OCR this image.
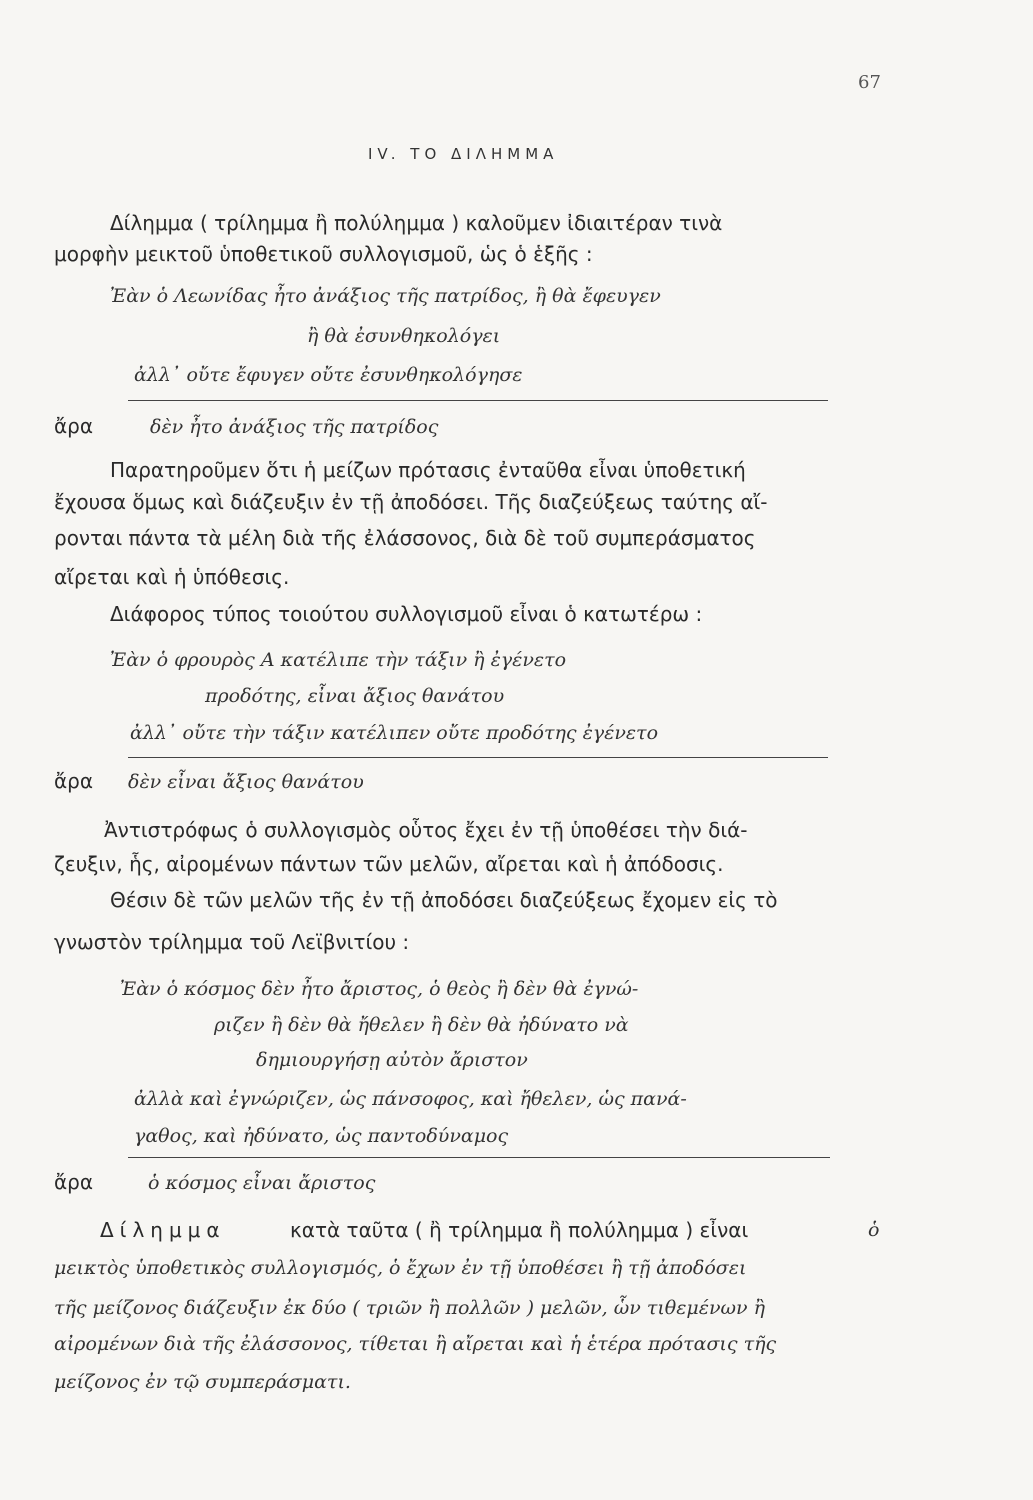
67
IV. ΤΟ ΔΙΛΗΜΜΑ
Δίλημμα ( τρίλημμα ἢ πολύλημμα ) καλοῦμεν ἰδιαιτέραν τινὰ
μορφὴν μεικτοῦ ὑποθετικοῦ συλλογισμοῦ, ὡς ὁ ἑξῆς :
Ἐὰν ὁ Λεωνίδας ἦτο ἀνάξιος τῆς πατρίδος, ἢ θὰ ἔφευγεν
ἢ θὰ ἐσυνθηκολόγει
ἀλλ᾽ οὔτε ἔφυγεν οὔτε ἐσυνθηκολόγησε
ἄρα	δὲν ἦτο ἀνάξιος τῆς πατρίδος
Παρατηροῦμεν ὅτι ἡ μείζων πρότασις ἐνταῦθα εἶναι ὑποθετική
ἔχουσα ὅμως καὶ διάζευξιν ἐν τῇ ἀποδόσει. Τῆς διαζεύξεως ταύτης αἴ-
ρονται πάντα τὰ μέλη διὰ τῆς ἐλάσσονος, διὰ δὲ τοῦ συμπεράσματος
αἴρεται καὶ ἡ ὑπόθεσις.
Διάφορος τύπος τοιούτου συλλογισμοῦ εἶναι ὁ κατωτέρω :
Ἐὰν ὁ φρουρὸς Α κατέλιπε τὴν τάξιν ἢ ἐγένετο
προδότης, εἶναι ἄξιος θανάτου
ἀλλ᾽ οὔτε τὴν τάξιν κατέλιπεν οὔτε προδότης ἐγένετο
ἄρα δὲν εἶναι ἄξιος θανάτου
Ἀντιστρόφως ὁ συλλογισμὸς οὗτος ἔχει ἐν τῇ ὑποθέσει τὴν διά-
ζευξιν, ἧς, αἰρομένων πάντων τῶν μελῶν, αἴρεται καὶ ἡ ἀπόδοσις.
Θέσιν δὲ τῶν μελῶν τῆς ἐν τῇ ἀποδόσει διαζεύξεως ἔχομεν εἰς τὸ
γνωστὸν τρίλημμα τοῦ Λεϊβνιτίου :
Ἐὰν ὁ κόσμος δὲν ἦτο ἄριστος, ὁ θεὸς ἢ δὲν θὰ ἐγνώ-
ριζεν ἢ δὲν θὰ ἤθελεν ἢ δὲν θὰ ἠδύνατο νὰ
δημιουργήσῃ αὐτὸν ἄριστον
ἀλλὰ καὶ ἐγνώριζεν, ὡς πάνσοφος, καὶ ἤθελεν, ὡς πανά-
γαθος, καὶ ἠδύνατο, ὡς παντοδύναμος
ἄρα	ὁ κόσμος εἶναι ἄριστος
Δίλημμα	κατὰ ταῦτα ( ἢ τρίλημμα ἢ πολύλημμα ) εἶναι	ὁ
μεικτὸς ὑποθετικὸς συλλογισμός, ὁ ἔχων ἐν τῇ ὑποθέσει ἢ τῇ ἀποδόσει
τῆς μείζονος διάζευξιν ἐκ δύο ( τριῶν ἢ πολλῶν ) μελῶν, ὧν τιθεμένων ἢ
αἰρομένων διὰ τῆς ἐλάσσονος, τίθεται ἢ αἴρεται καὶ ἡ ἑτέρα πρότασις τῆς
μείζονος ἐν τῷ συμπεράσματι.
